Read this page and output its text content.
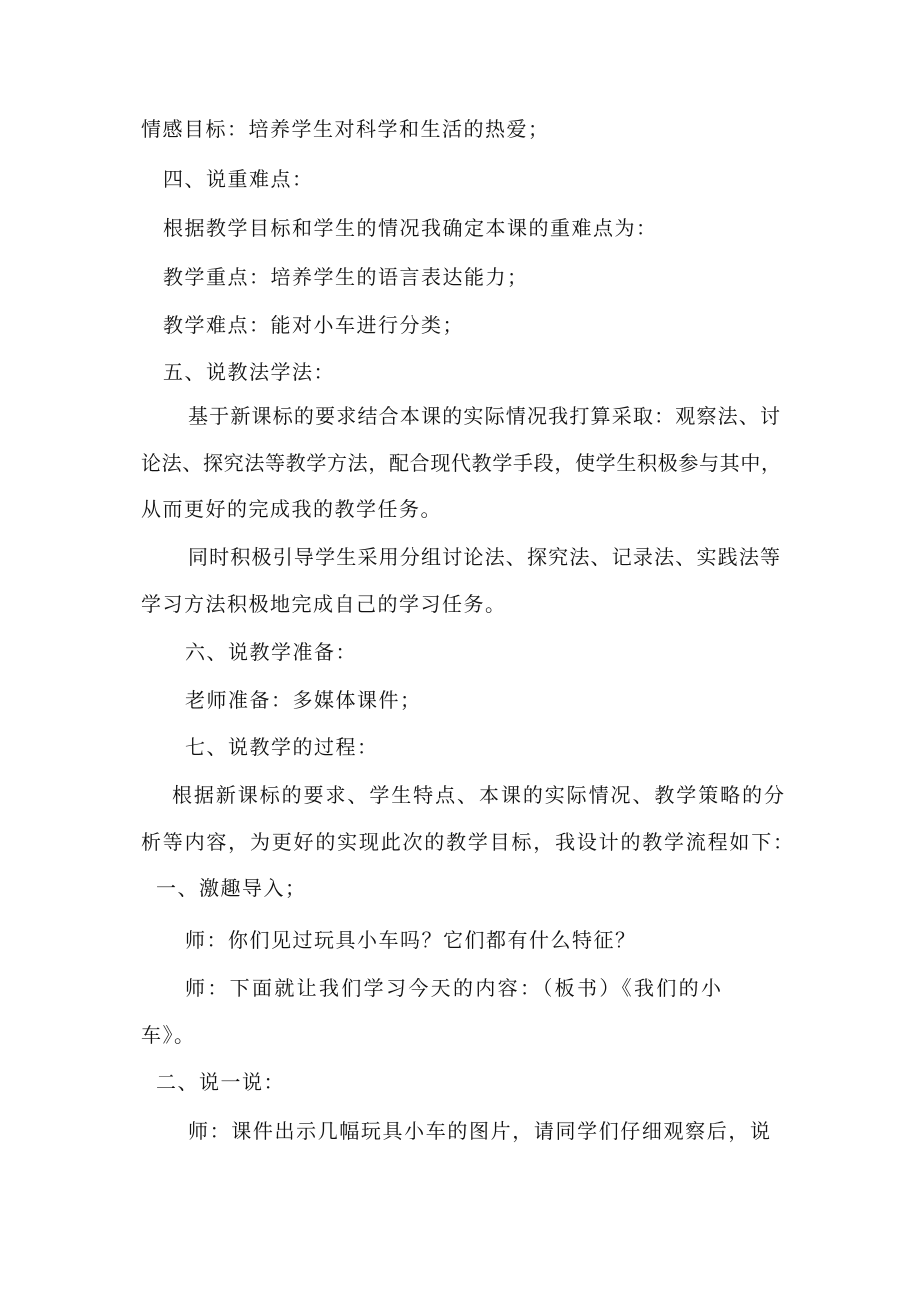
情感目标：培养学生对科学和生活的热爱；
四、说重难点：
根据教学目标和学生的情况我确定本课的重难点为：
教学重点：培养学生的语言表达能力；
教学难点：能对小车进行分类；
五、说教法学法：
基于新课标的要求结合本课的实际情况我打算采取：观察法、讨
论法、探究法等教学方法，配合现代教学手段，使学生积极参与其中，
从而更好的完成我的教学任务。
同时积极引导学生采用分组讨论法、探究法、记录法、实践法等
学习方法积极地完成自己的学习任务。
六、说教学准备：
老师准备：多媒体课件；
七、说教学的过程：
根据新课标的要求、学生特点、本课的实际情况、教学策略的分
析等内容，为更好的实现此次的教学目标，我设计的教学流程如下：
一、激趣导入；
师：你们见过玩具小车吗？它们都有什么特征？
师：下面就让我们学习今天的内容：（板书）《我们的小
车》。
二、说一说：
师：课件出示几幅玩具小车的图片，请同学们仔细观察后，说
